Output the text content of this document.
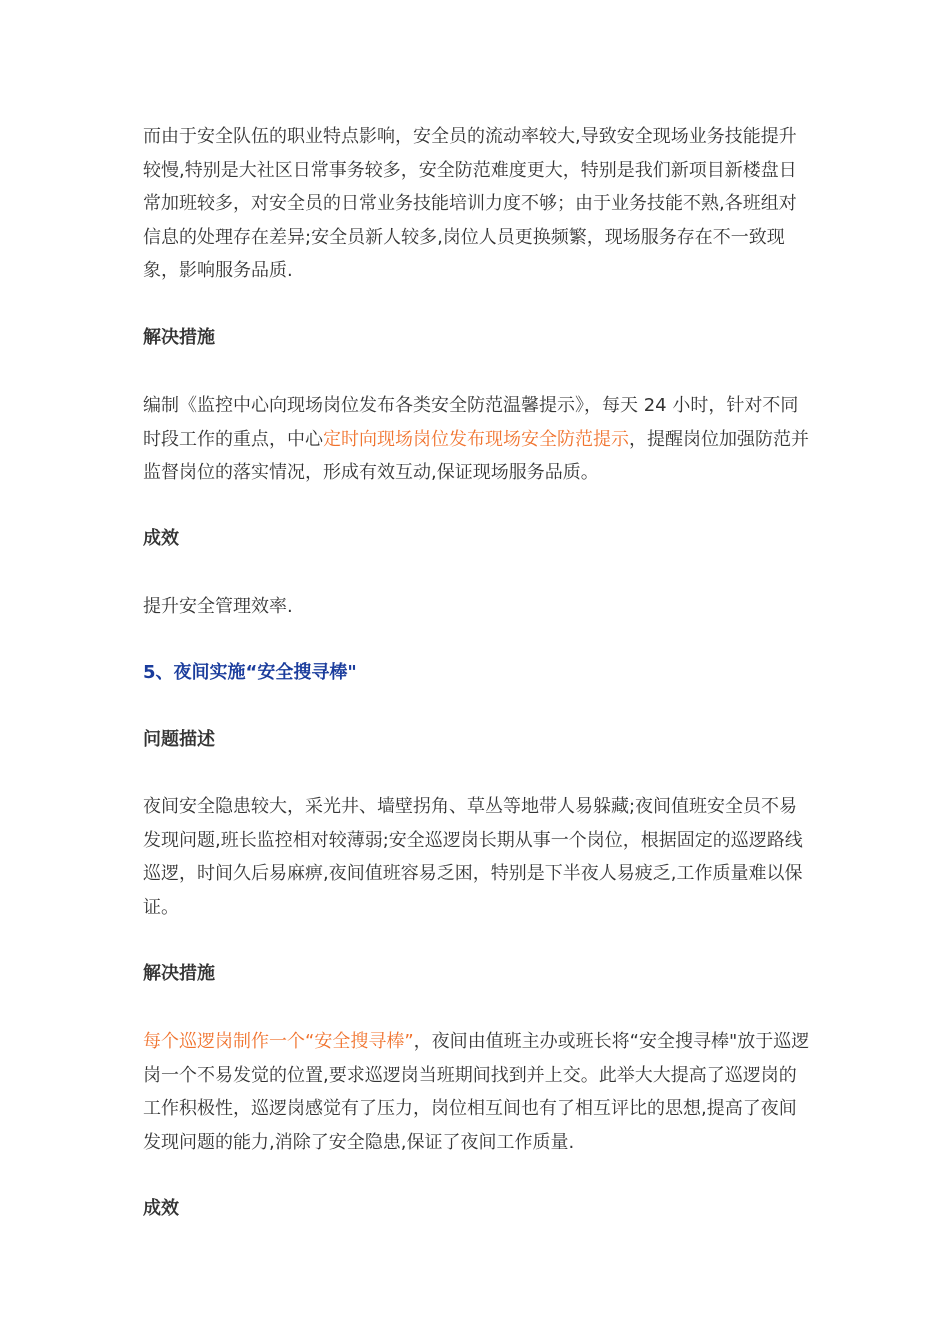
而由于安全队伍的职业特点影响，安全员的流动率较大,导致安全现场业务技能提升较慢,特别是大社区日常事务较多，安全防范难度更大，特别是我们新项目新楼盘日常加班较多，对安全员的日常业务技能培训力度不够；由于业务技能不熟,各班组对信息的处理存在差异;安全员新人较多,岗位人员更换频繁，现场服务存在不一致现象，影响服务品质.

解决措施

编制《监控中心向现场岗位发布各类安全防范温馨提示》，每天 24 小时，针对不同时段工作的重点，中心定时向现场岗位发布现场安全防范提示，提醒岗位加强防范并监督岗位的落实情况，形成有效互动,保证现场服务品质。

成效

提升安全管理效率.

5、夜间实施“安全搜寻棒"

问题描述

夜间安全隐患较大，采光井、墙壁拐角、草丛等地带人易躲藏;夜间值班安全员不易发现问题,班长监控相对较薄弱;安全巡逻岗长期从事一个岗位，根据固定的巡逻路线巡逻，时间久后易麻痹,夜间值班容易乏困，特别是下半夜人易疲乏,工作质量难以保证。

解决措施

每个巡逻岗制作一个“安全搜寻棒”，夜间由值班主办或班长将“安全搜寻棒"放于巡逻岗一个不易发觉的位置,要求巡逻岗当班期间找到并上交。此举大大提高了巡逻岗的工作积极性，巡逻岗感觉有了压力，岗位相互间也有了相互评比的思想,提高了夜间发现问题的能力,消除了安全隐患,保证了夜间工作质量.

成效
